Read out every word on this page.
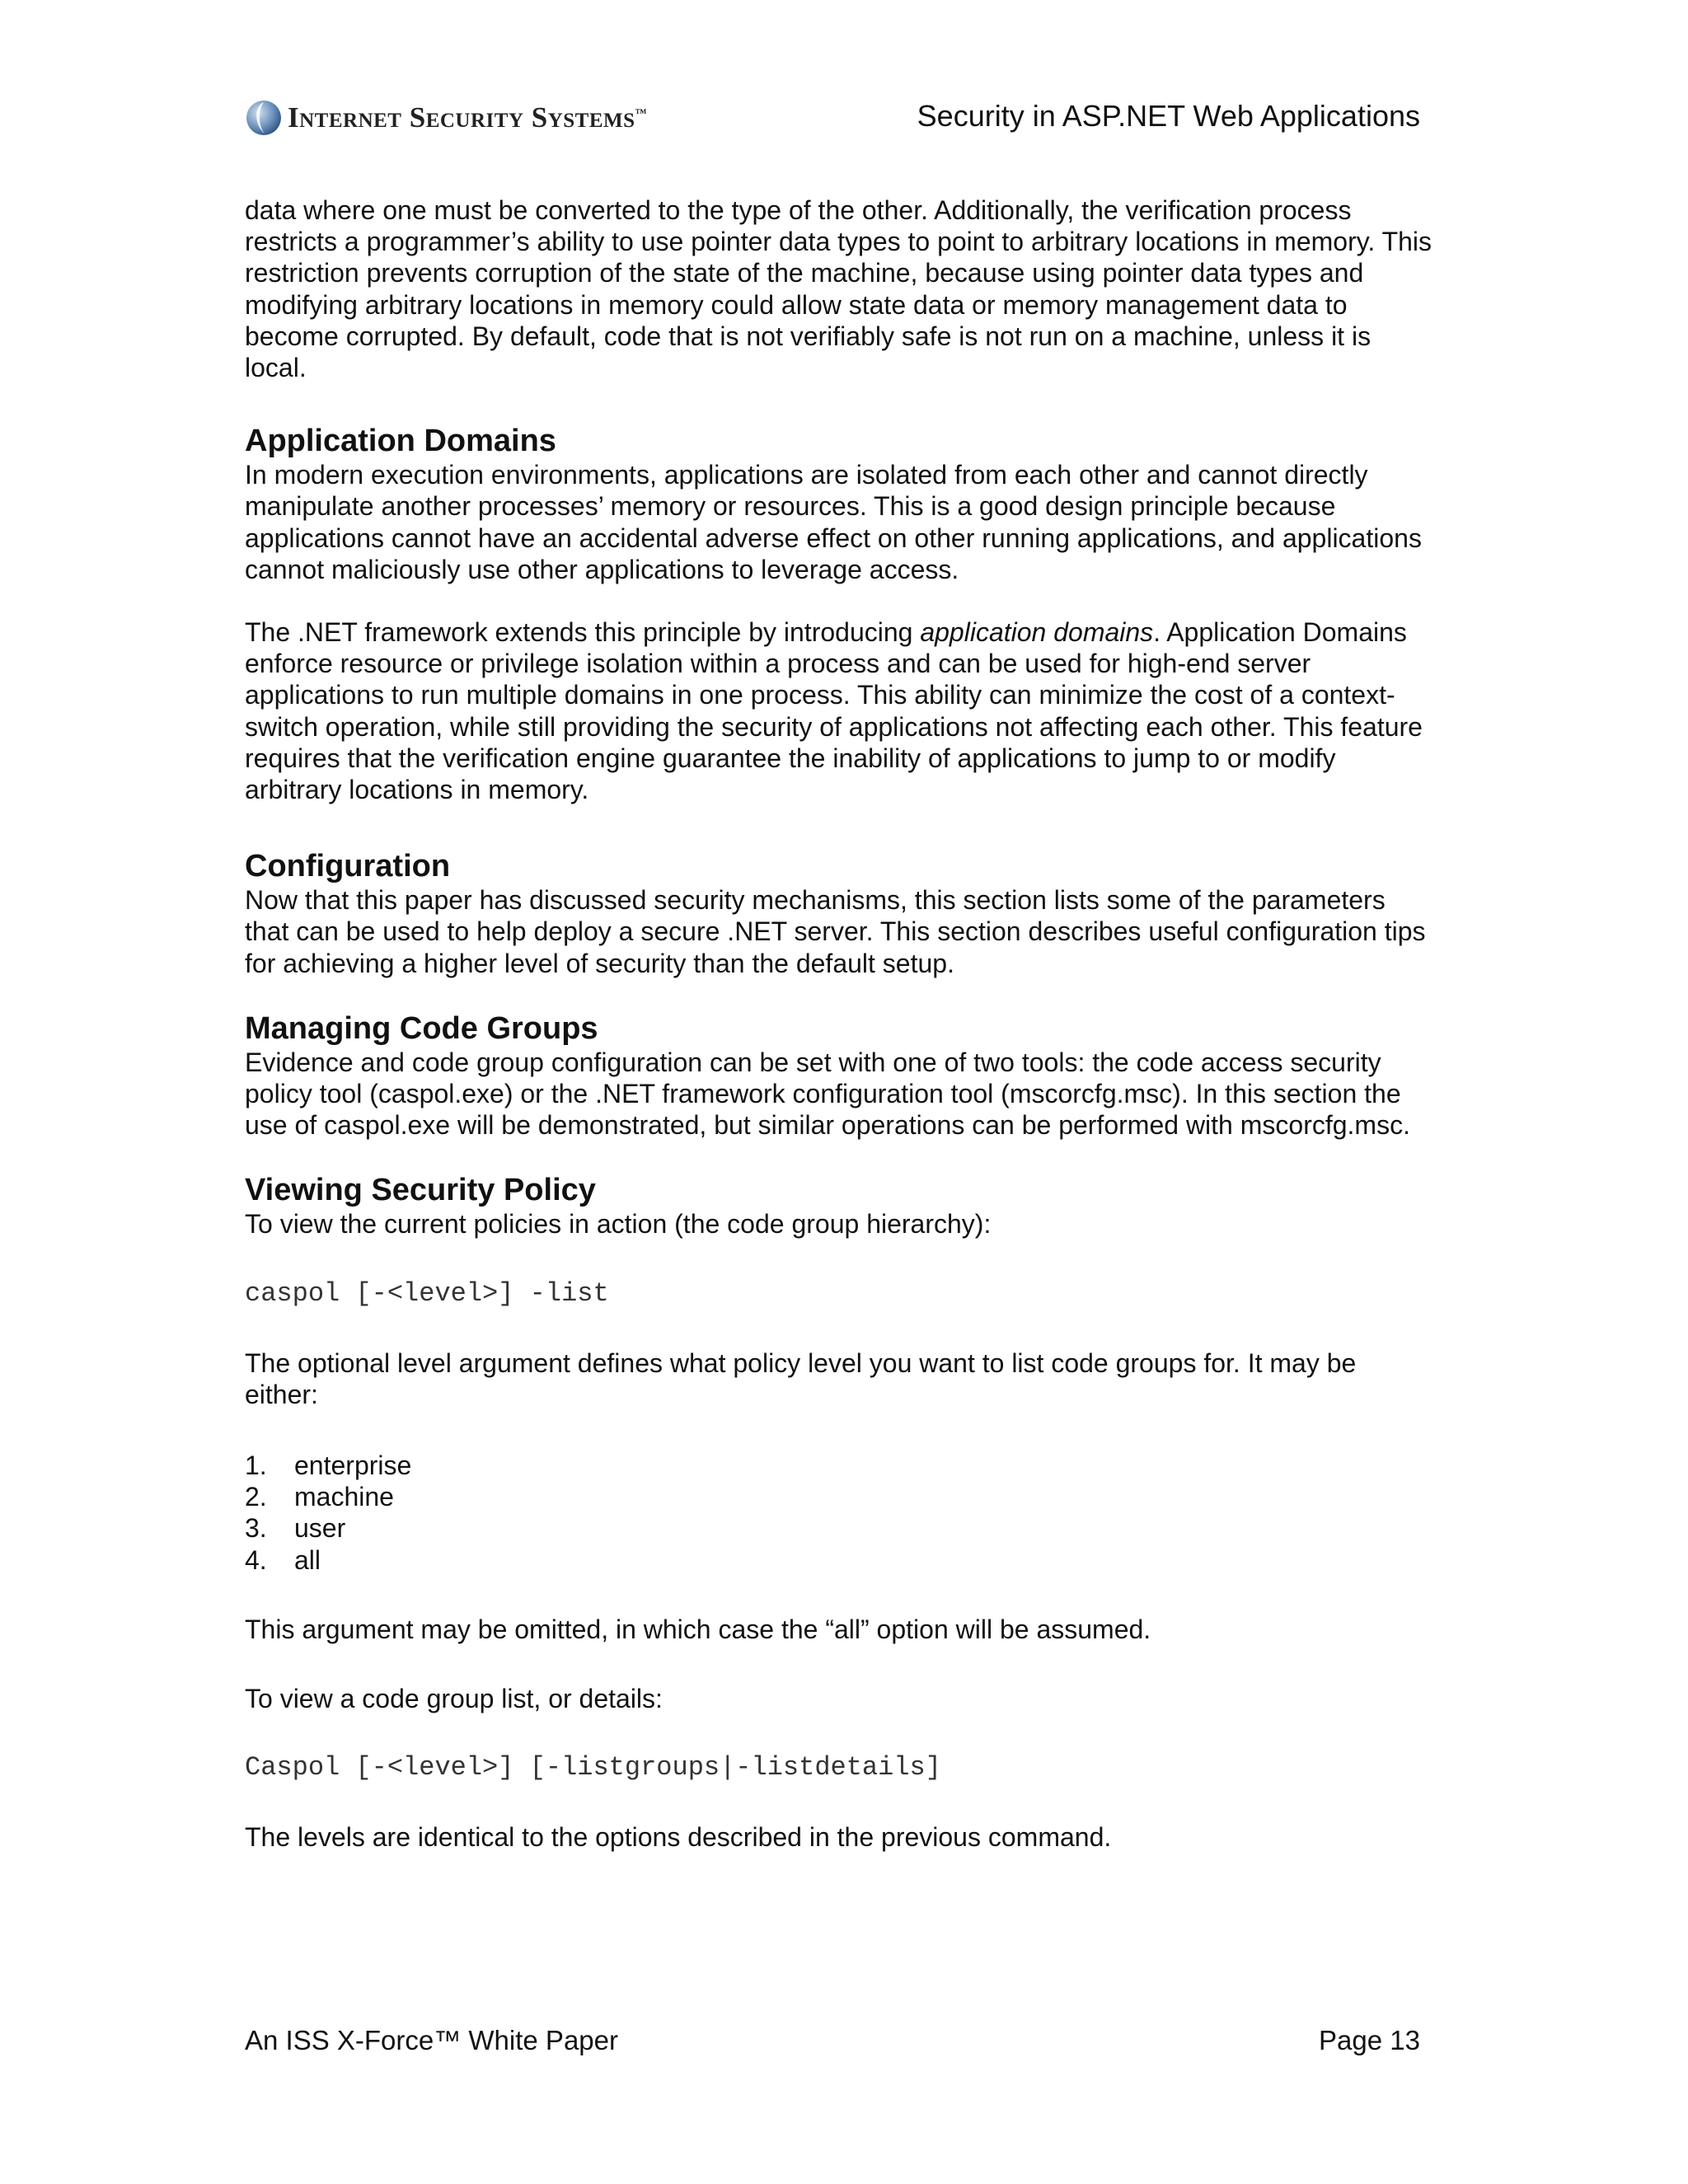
Internet Security Systems™	Security in ASP.NET Web Applications

data where one must be converted to the type of the other. Additionally, the verification process restricts a programmer’s ability to use pointer data types to point to arbitrary locations in memory. This restriction prevents corruption of the state of the machine, because using pointer data types and modifying arbitrary locations in memory could allow state data or memory management data to become corrupted. By default, code that is not verifiably safe is not run on a machine, unless it is local.

Application Domains

In modern execution environments, applications are isolated from each other and cannot directly manipulate another processes’ memory or resources. This is a good design principle because applications cannot have an accidental adverse effect on other running applications, and applications cannot maliciously use other applications to leverage access.

The .NET framework extends this principle by introducing application domains. Application Domains enforce resource or privilege isolation within a process and can be used for high-end server applications to run multiple domains in one process. This ability can minimize the cost of a context-switch operation, while still providing the security of applications not affecting each other. This feature requires that the verification engine guarantee the inability of applications to jump to or modify arbitrary locations in memory.

Configuration

Now that this paper has discussed security mechanisms, this section lists some of the parameters that can be used to help deploy a secure .NET server. This section describes useful configuration tips for achieving a higher level of security than the default setup.

Managing Code Groups

Evidence and code group configuration can be set with one of two tools: the code access security policy tool (caspol.exe) or the .NET framework configuration tool (mscorcfg.msc). In this section the use of caspol.exe will be demonstrated, but similar operations can be performed with mscorcfg.msc.

Viewing Security Policy

To view the current policies in action (the code group hierarchy):

caspol [-<level>] -list

The optional level argument defines what policy level you want to list code groups for. It may be either:

1.	enterprise
2.	machine
3.	user
4.	all

This argument may be omitted, in which case the “all” option will be assumed.

To view a code group list, or details:

Caspol [-<level>] [-listgroups|-listdetails]

The levels are identical to the options described in the previous command.

An ISS X-Force™ White Paper	Page 13
